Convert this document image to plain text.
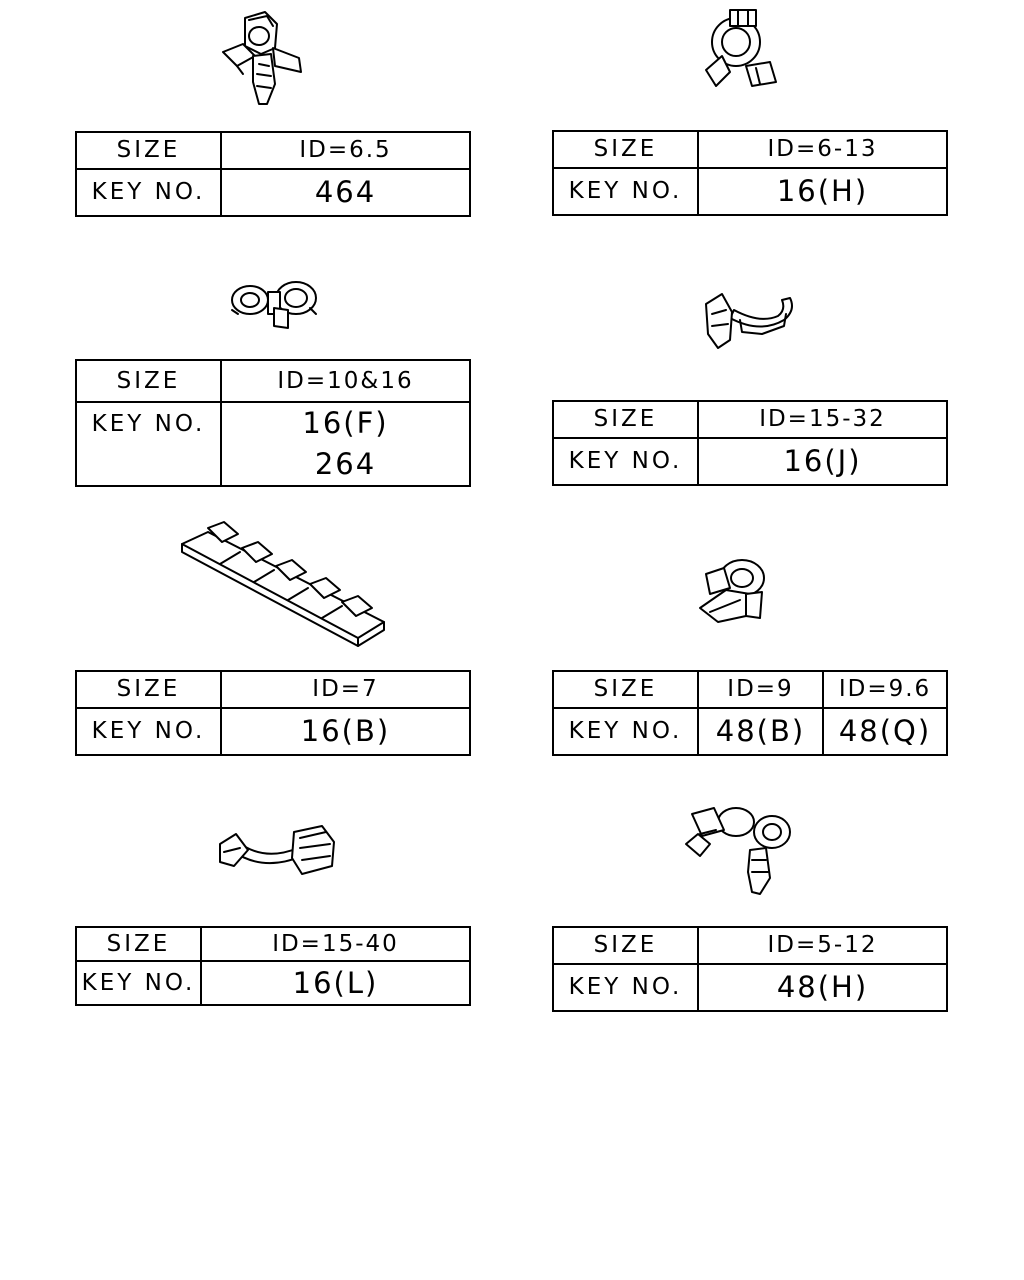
SIZE	ID=6.5
KEY NO.	464
SIZE	ID=6-13
KEY NO.	16(H)
SIZE	ID=10&16
KEY NO.	16(F)
264
SIZE	ID=15-32
KEY NO.	16(J)
SIZE	ID=7
KEY NO.	16(B)
SIZE	ID=9	ID=9.6
KEY NO.	48(B)	48(Q)
SIZE	ID=15-40
KEY NO.	16(L)
SIZE	ID=5-12
KEY NO.	48(H)
